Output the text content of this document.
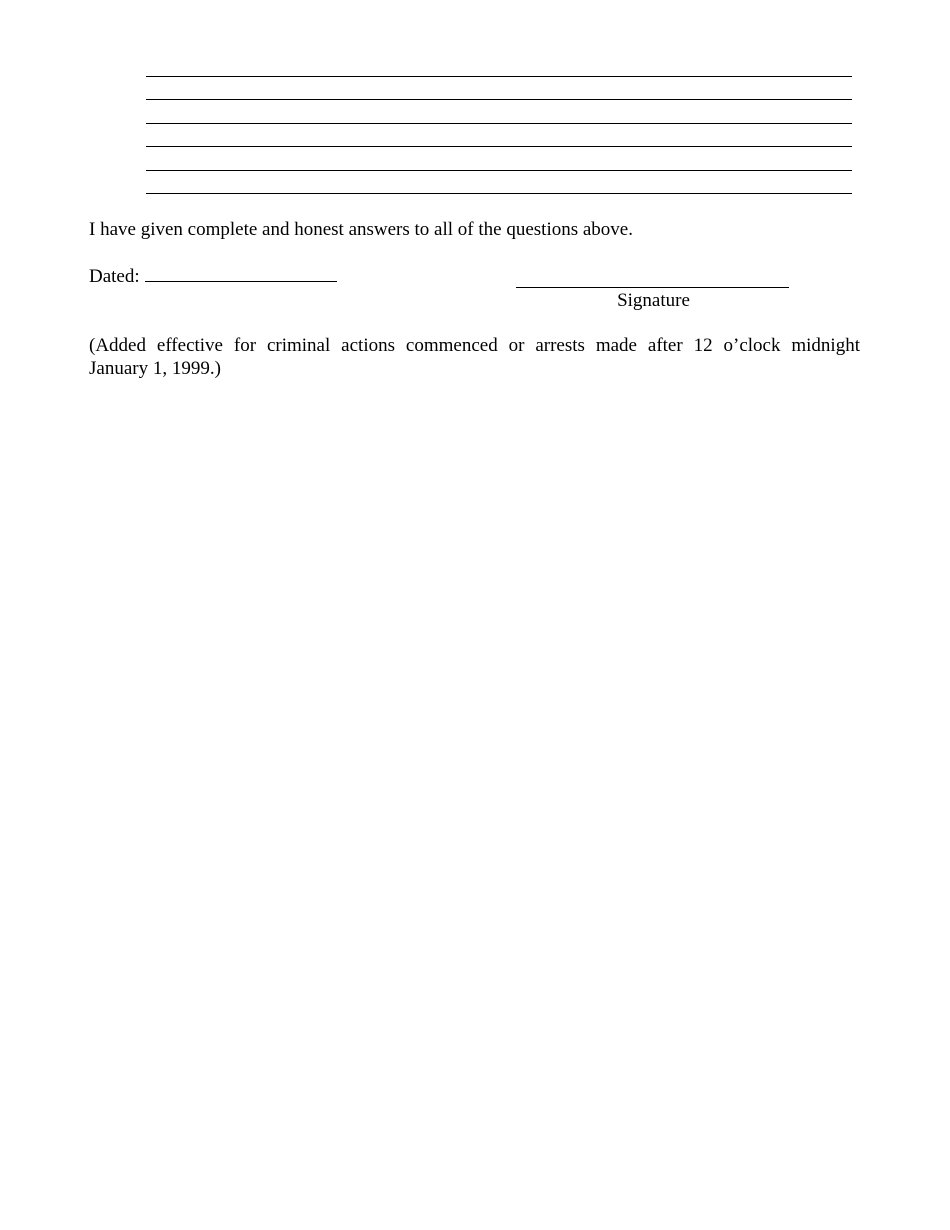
I have given complete and honest answers to all of the questions above.
Dated:
Signature
(Added effective for criminal actions commenced or arrests made after 12 o’clock midnight
January 1, 1999.)
